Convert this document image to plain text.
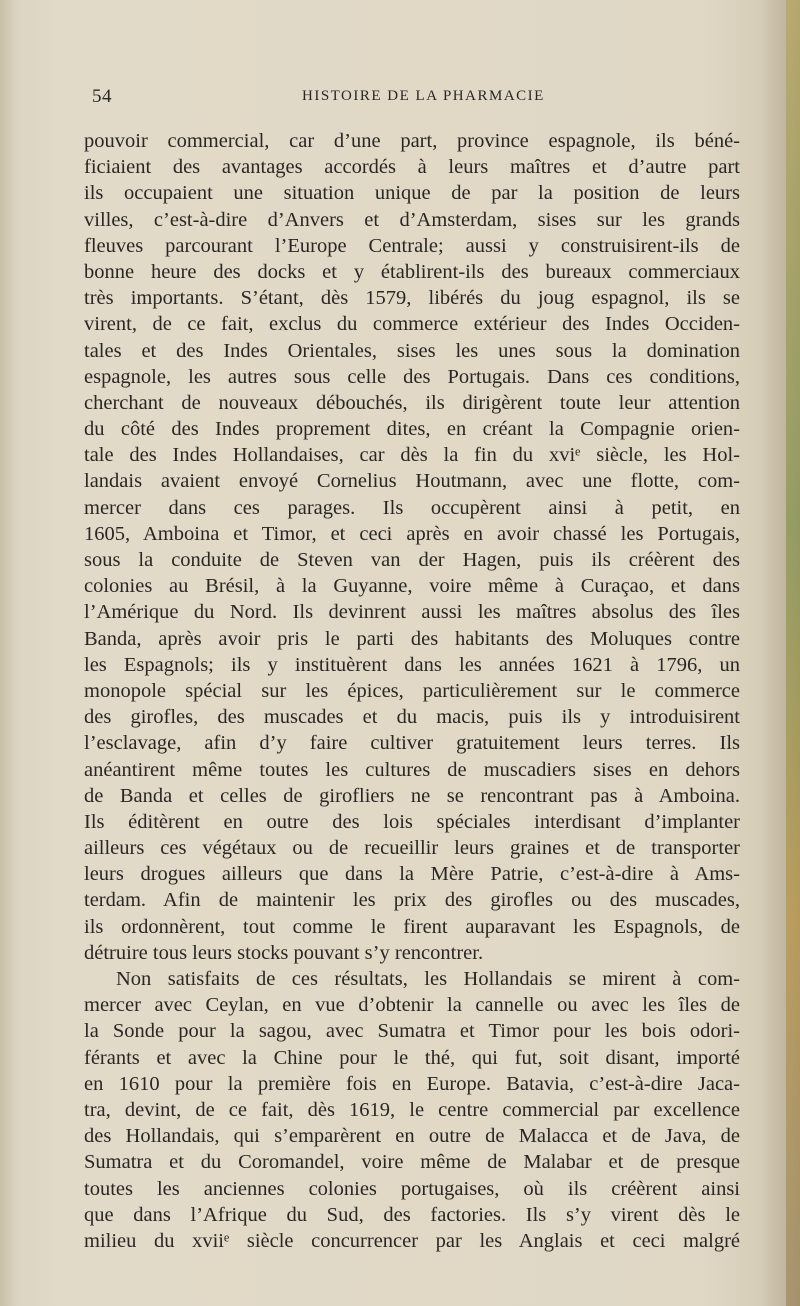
54	HISTOIRE DE LA PHARMACIE
pouvoir commercial, car d’une part, province espagnole, ils béné-
ficiaient des avantages accordés à leurs maîtres et d’autre part
ils occupaient une situation unique de par la position de leurs
villes, c’est-à-dire d’Anvers et d’Amsterdam, sises sur les grands
fleuves parcourant l’Europe Centrale; aussi y construisirent-ils de
bonne heure des docks et y établirent-ils des bureaux commerciaux
très importants. S’étant, dès 1579, libérés du joug espagnol, ils se
virent, de ce fait, exclus du commerce extérieur des Indes Occiden-
tales et des Indes Orientales, sises les unes sous la domination
espagnole, les autres sous celle des Portugais. Dans ces conditions,
cherchant de nouveaux débouchés, ils dirigèrent toute leur attention
du côté des Indes proprement dites, en créant la Compagnie orien-
tale des Indes Hollandaises, car dès la fin du xviᵉ siècle, les Hol-
landais avaient envoyé Cornelius Houtmann, avec une flotte, com-
mercer dans ces parages. Ils occupèrent ainsi à petit, en
1605, Amboina et Timor, et ceci après en avoir chassé les Portugais,
sous la conduite de Steven van der Hagen, puis ils créèrent des
colonies au Brésil, à la Guyanne, voire même à Curaçao, et dans
l’Amérique du Nord. Ils devinrent aussi les maîtres absolus des îles
Banda, après avoir pris le parti des habitants des Moluques contre
les Espagnols; ils y instituèrent dans les années 1621 à 1796, un
monopole spécial sur les épices, particulièrement sur le commerce
des girofles, des muscades et du macis, puis ils y introduisirent
l’esclavage, afin d’y faire cultiver gratuitement leurs terres. Ils
anéantirent même toutes les cultures de muscadiers sises en dehors
de Banda et celles de girofliers ne se rencontrant pas à Amboina.
Ils éditèrent en outre des lois spéciales interdisant d’implanter
ailleurs ces végétaux ou de recueillir leurs graines et de transporter
leurs drogues ailleurs que dans la Mère Patrie, c’est-à-dire à Ams-
terdam. Afin de maintenir les prix des girofles ou des muscades,
ils ordonnèrent, tout comme le firent auparavant les Espagnols, de
détruire tous leurs stocks pouvant s’y rencontrer.
Non satisfaits de ces résultats, les Hollandais se mirent à com-
mercer avec Ceylan, en vue d’obtenir la cannelle ou avec les îles de
la Sonde pour la sagou, avec Sumatra et Timor pour les bois odori-
férants et avec la Chine pour le thé, qui fut, soit disant, importé
en 1610 pour la première fois en Europe. Batavia, c’est-à-dire Jaca-
tra, devint, de ce fait, dès 1619, le centre commercial par excellence
des Hollandais, qui s’emparèrent en outre de Malacca et de Java, de
Sumatra et du Coromandel, voire même de Malabar et de presque
toutes les anciennes colonies portugaises, où ils créèrent ainsi
que dans l’Afrique du Sud, des factories. Ils s’y virent dès le
milieu du xviiᵉ siècle concurrencer par les Anglais et ceci malgré
